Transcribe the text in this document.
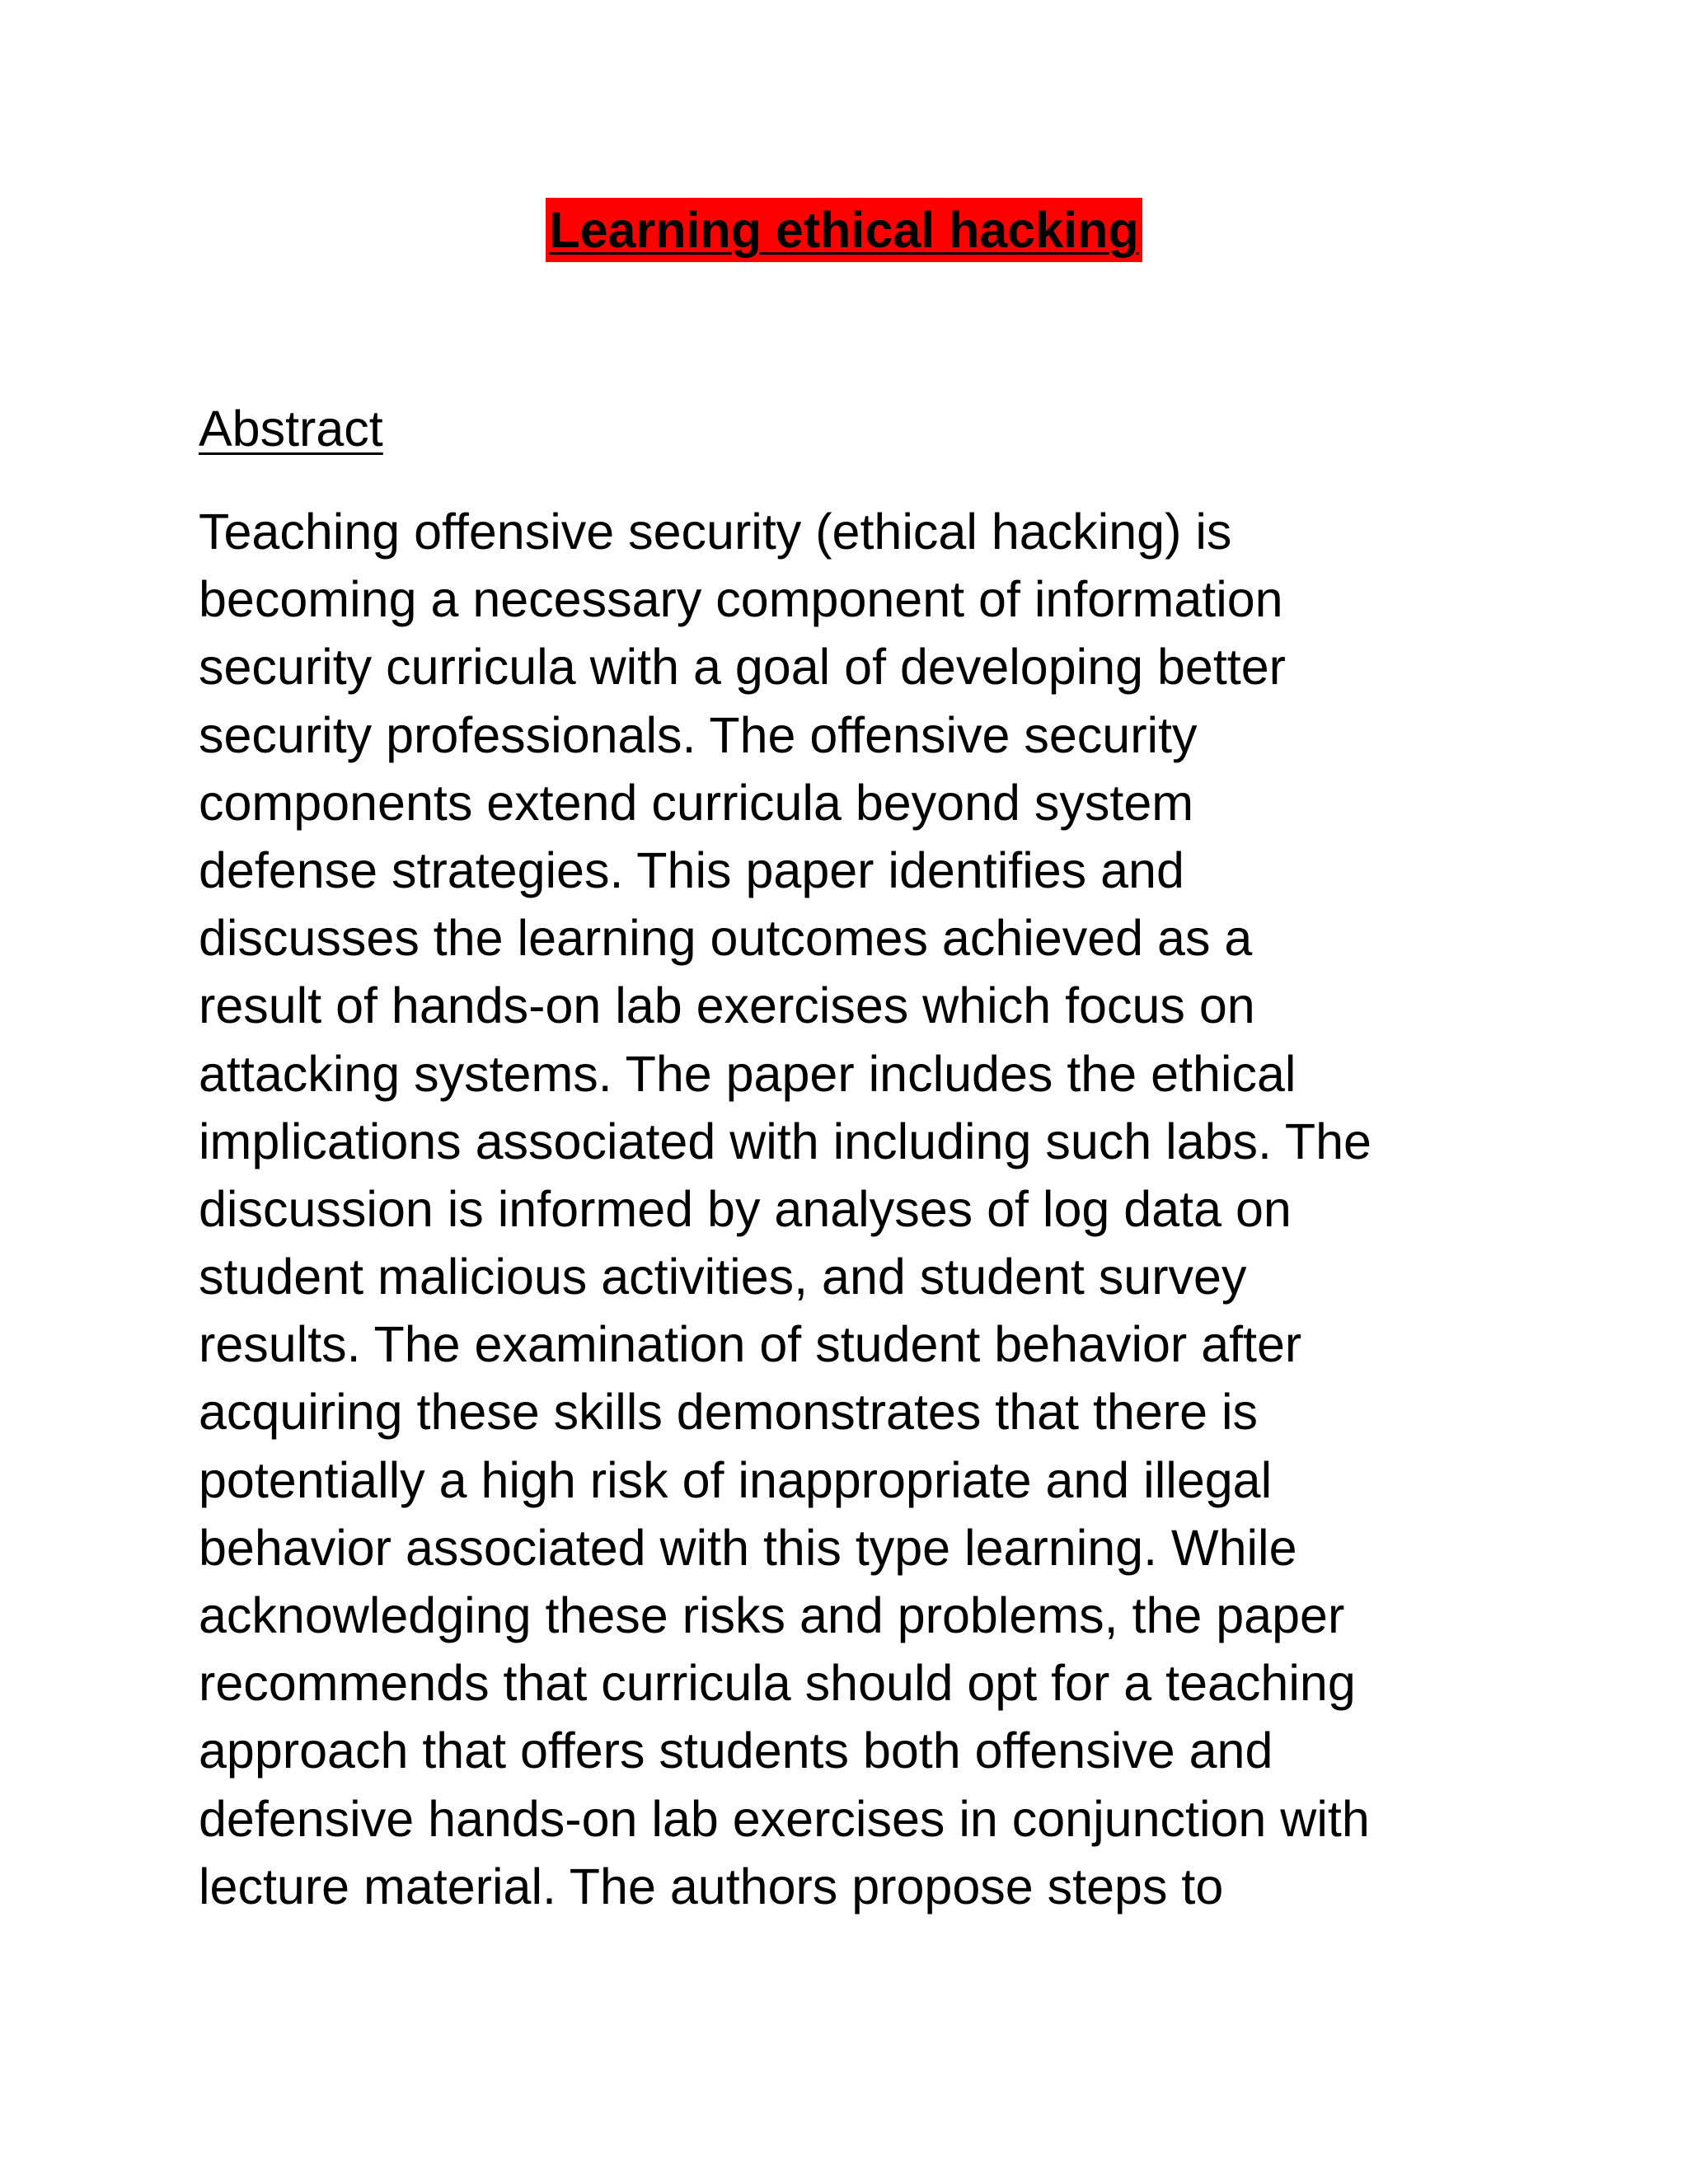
Learning ethical hacking
Abstract
Teaching offensive security (ethical hacking) is
becoming a necessary component of information
security curricula with a goal of developing better
security professionals. The offensive security
components extend curricula beyond system
defense strategies. This paper identifies and
discusses the learning outcomes achieved as a
result of hands-on lab exercises which focus on
attacking systems. The paper includes the ethical
implications associated with including such labs. The
discussion is informed by analyses of log data on
student malicious activities, and student survey
results. The examination of student behavior after
acquiring these skills demonstrates that there is
potentially a high risk of inappropriate and illegal
behavior associated with this type learning. While
acknowledging these risks and problems, the paper
recommends that curricula should opt for a teaching
approach that offers students both offensive and
defensive hands-on lab exercises in conjunction with
lecture material. The authors propose steps to
